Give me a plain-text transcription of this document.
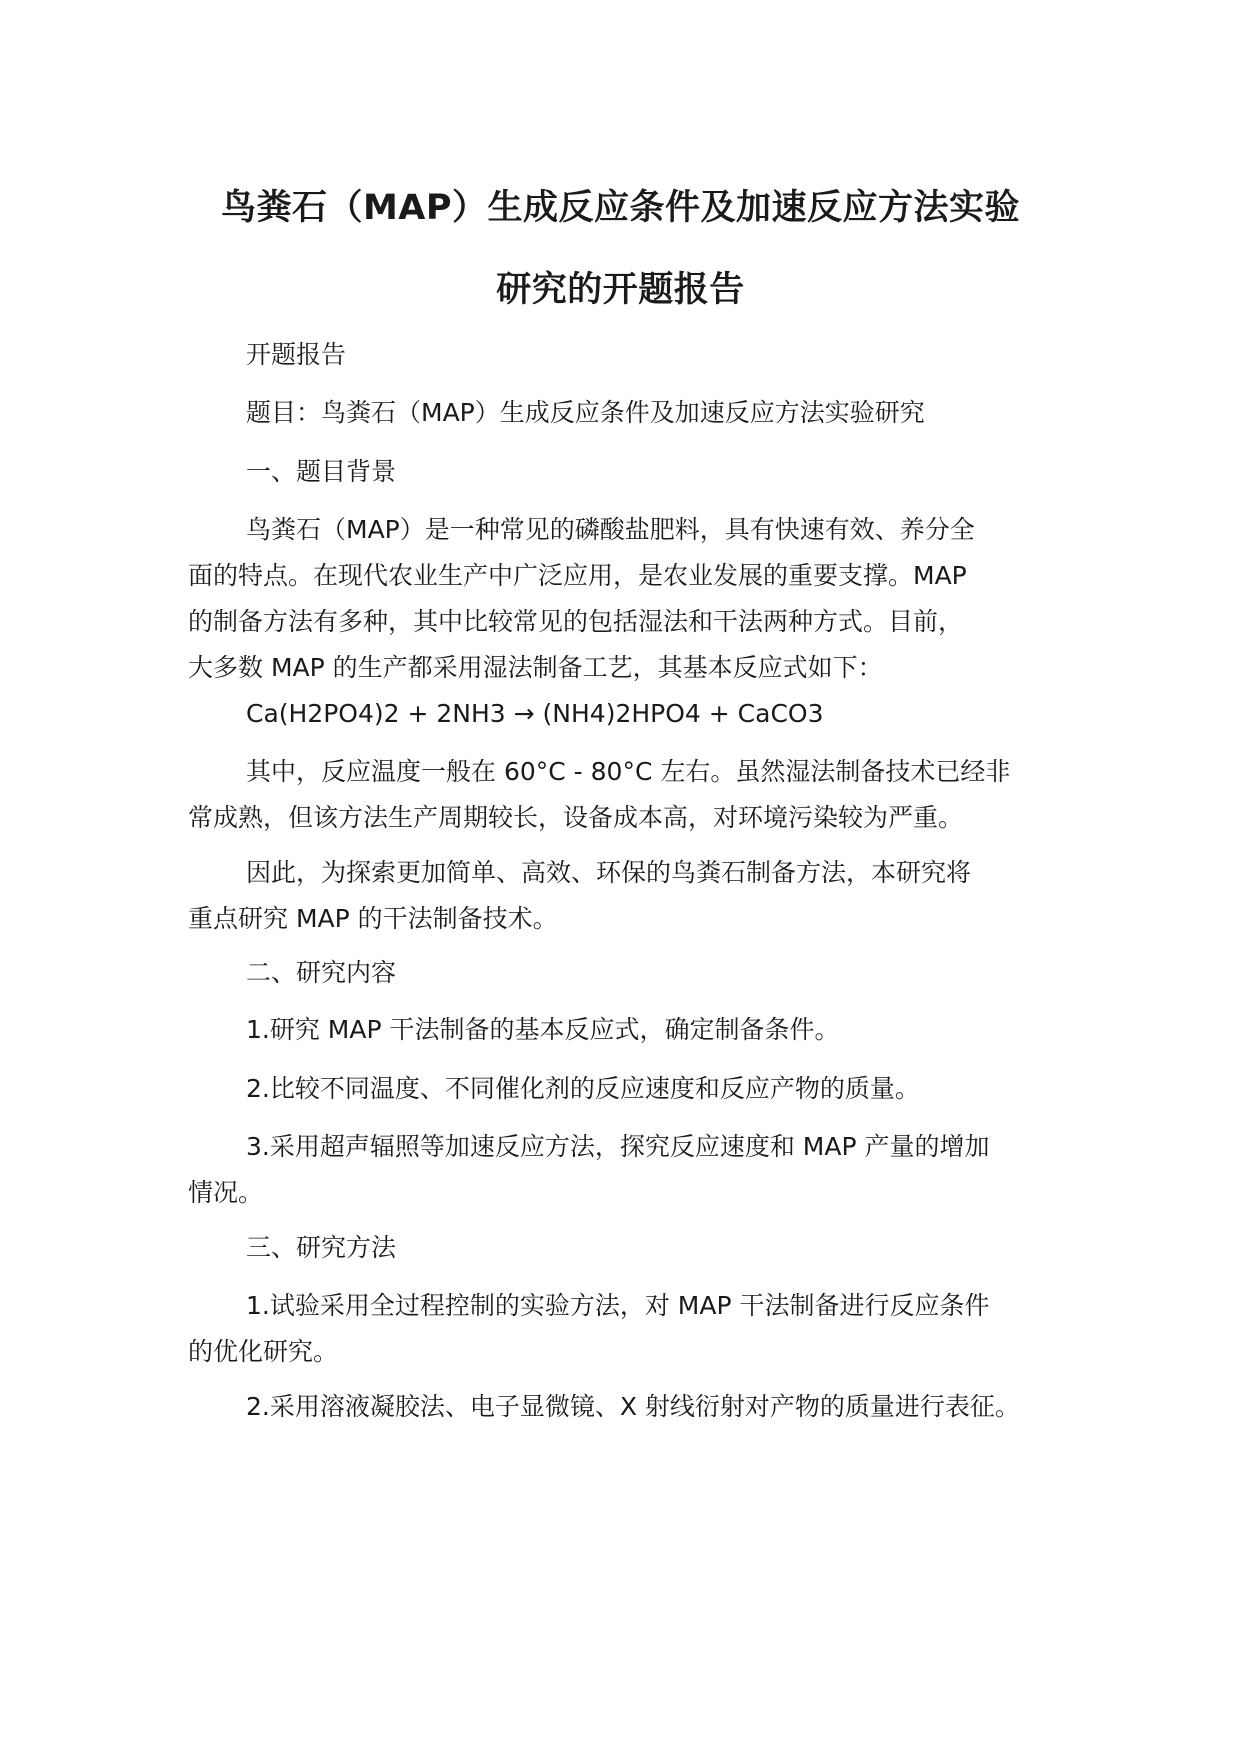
鸟粪石（MAP）生成反应条件及加速反应方法实验
研究的开题报告
开题报告
题目：鸟粪石（MAP）生成反应条件及加速反应方法实验研究
一、题目背景
鸟粪石（MAP）是一种常见的磷酸盐肥料，具有快速有效、养分全
面的特点。在现代农业生产中广泛应用，是农业发展的重要支撑。MAP
的制备方法有多种，其中比较常见的包括湿法和干法两种方式。目前，
大多数 MAP 的生产都采用湿法制备工艺，其基本反应式如下：
Ca(H2PO4)2 + 2NH3 → (NH4)2HPO4 + CaCO3
其中，反应温度一般在 60°C - 80°C 左右。虽然湿法制备技术已经非
常成熟，但该方法生产周期较长，设备成本高，对环境污染较为严重。
因此，为探索更加简单、高效、环保的鸟粪石制备方法，本研究将
重点研究 MAP 的干法制备技术。
二、研究内容
1.研究 MAP 干法制备的基本反应式，确定制备条件。
2.比较不同温度、不同催化剂的反应速度和反应产物的质量。
3.采用超声辐照等加速反应方法，探究反应速度和 MAP 产量的增加
情况。
三、研究方法
1.试验采用全过程控制的实验方法，对 MAP 干法制备进行反应条件
的优化研究。
2.采用溶液凝胶法、电子显微镜、X 射线衍射对产物的质量进行表征。
